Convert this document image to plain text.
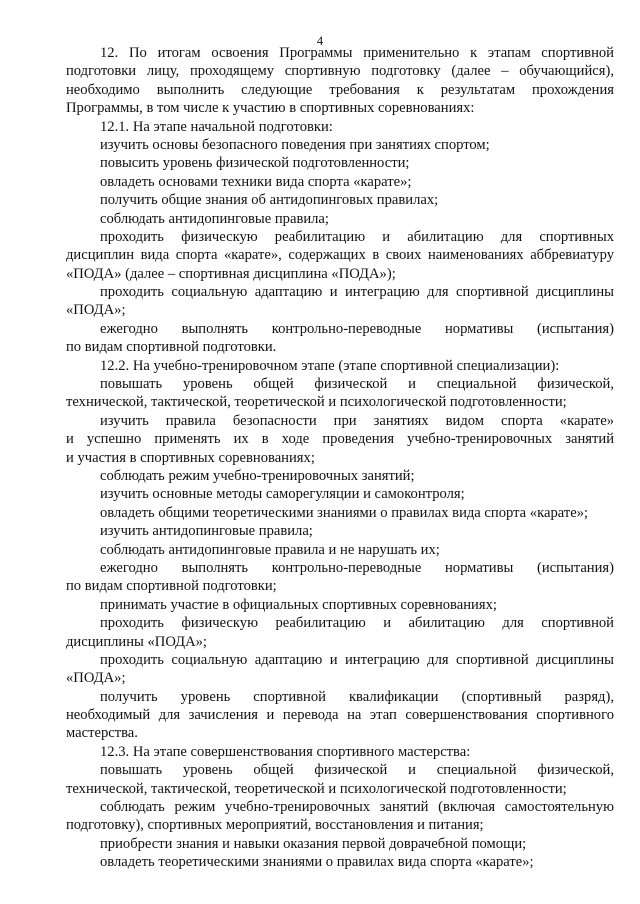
4
12. По итогам освоения Программы применительно к этапам спортивной
подготовки лицу, проходящему спортивную подготовку (далее – обучающийся),
необходимо выполнить следующие требования к результатам прохождения
Программы, в том числе к участию в спортивных соревнованиях:
12.1. На этапе начальной подготовки:
изучить основы безопасного поведения при занятиях спортом;
повысить уровень физической подготовленности;
овладеть основами техники вида спорта «карате»;
получить общие знания об антидопинговых правилах;
соблюдать антидопинговые правила;
проходить физическую реабилитацию и абилитацию для спортивных
дисциплин вида спорта «карате», содержащих в своих наименованиях аббревиатуру
«ПОДА» (далее – спортивная дисциплина «ПОДА»);
проходить социальную адаптацию и интеграцию для спортивной дисциплины
«ПОДА»;
ежегодно выполнять контрольно-переводные нормативы (испытания)
по видам спортивной подготовки.
12.2. На учебно-тренировочном этапе (этапе спортивной специализации):
повышать уровень общей физической и специальной физической,
технической, тактической, теоретической и психологической подготовленности;
изучить правила безопасности при занятиях видом спорта «карате»
и успешно применять их в ходе проведения учебно-тренировочных занятий
и участия в спортивных соревнованиях;
соблюдать режим учебно-тренировочных занятий;
изучить основные методы саморегуляции и самоконтроля;
овладеть общими теоретическими знаниями о правилах вида спорта «карате»;
изучить антидопинговые правила;
соблюдать антидопинговые правила и не нарушать их;
ежегодно выполнять контрольно-переводные нормативы (испытания)
по видам спортивной подготовки;
принимать участие в официальных спортивных соревнованиях;
проходить физическую реабилитацию и абилитацию для спортивной
дисциплины «ПОДА»;
проходить социальную адаптацию и интеграцию для спортивной дисциплины
«ПОДА»;
получить уровень спортивной квалификации (спортивный разряд),
необходимый для зачисления и перевода на этап совершенствования спортивного
мастерства.
12.3. На этапе совершенствования спортивного мастерства:
повышать уровень общей физической и специальной физической,
технической, тактической, теоретической и психологической подготовленности;
соблюдать режим учебно-тренировочных занятий (включая самостоятельную
подготовку), спортивных мероприятий, восстановления и питания;
приобрести знания и навыки оказания первой доврачебной помощи;
овладеть теоретическими знаниями о правилах вида спорта «карате»;
